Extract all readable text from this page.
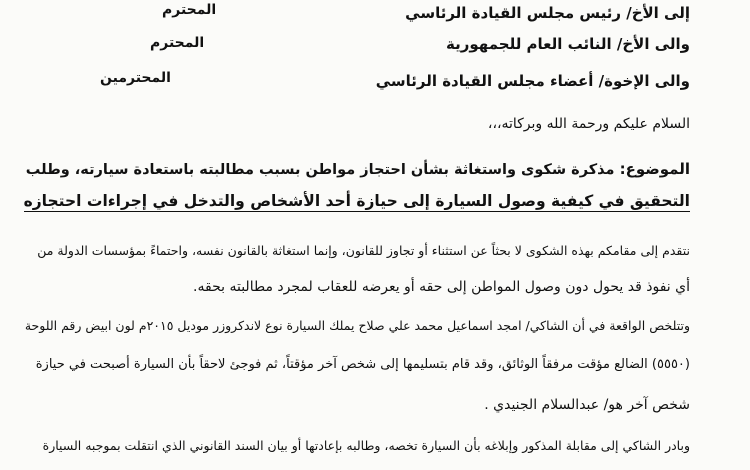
إلى الأخ/ رئيس مجلس القيادة الرئاسي
المحترم
والى الأخ/ النائب العام للجمهورية
المحترم
والى الإخوة/ أعضاء مجلس القيادة الرئاسي
المحترمين
السلام عليكم ورحمة الله وبركاته،،،
الموضوع: مذكرة شكوى واستغاثة بشأن احتجاز مواطن بسبب مطالبته باستعادة سيارته، وطلب
التحقيق في كيفية وصول السيارة إلى حيازة أحد الأشخاص والتدخل في إجراءات احتجازه
نتقدم إلى مقامكم بهذه الشكوى لا بحثاً عن استثناء أو تجاوز للقانون، وإنما استغاثة بالقانون نفسه، واحتماءً بمؤسسات الدولة من
أي نفوذ قد يحول دون وصول المواطن إلى حقه أو يعرضه للعقاب لمجرد مطالبته بحقه.
وتتلخص الواقعة في أن الشاكي/ امجد اسماعيل محمد علي صلاح يملك السيارة نوع لاندكروزر موديل ٢٠١٥م لون ابيض رقم اللوحة
(٥٥٥٠) الضالع مؤقت مرفقاً الوثائق، وقد قام بتسليمها إلى شخص آخر مؤقتاً، ثم فوجئ لاحقاً بأن السيارة أصبحت في حيازة
شخص آخر هو/ عبدالسلام الجنيدي .
وبادر الشاكي إلى مقابلة المذكور وإبلاغه بأن السيارة تخصه، وطالبه بإعادتها أو بيان السند القانوني الذي انتقلت بموجبه السيارة
